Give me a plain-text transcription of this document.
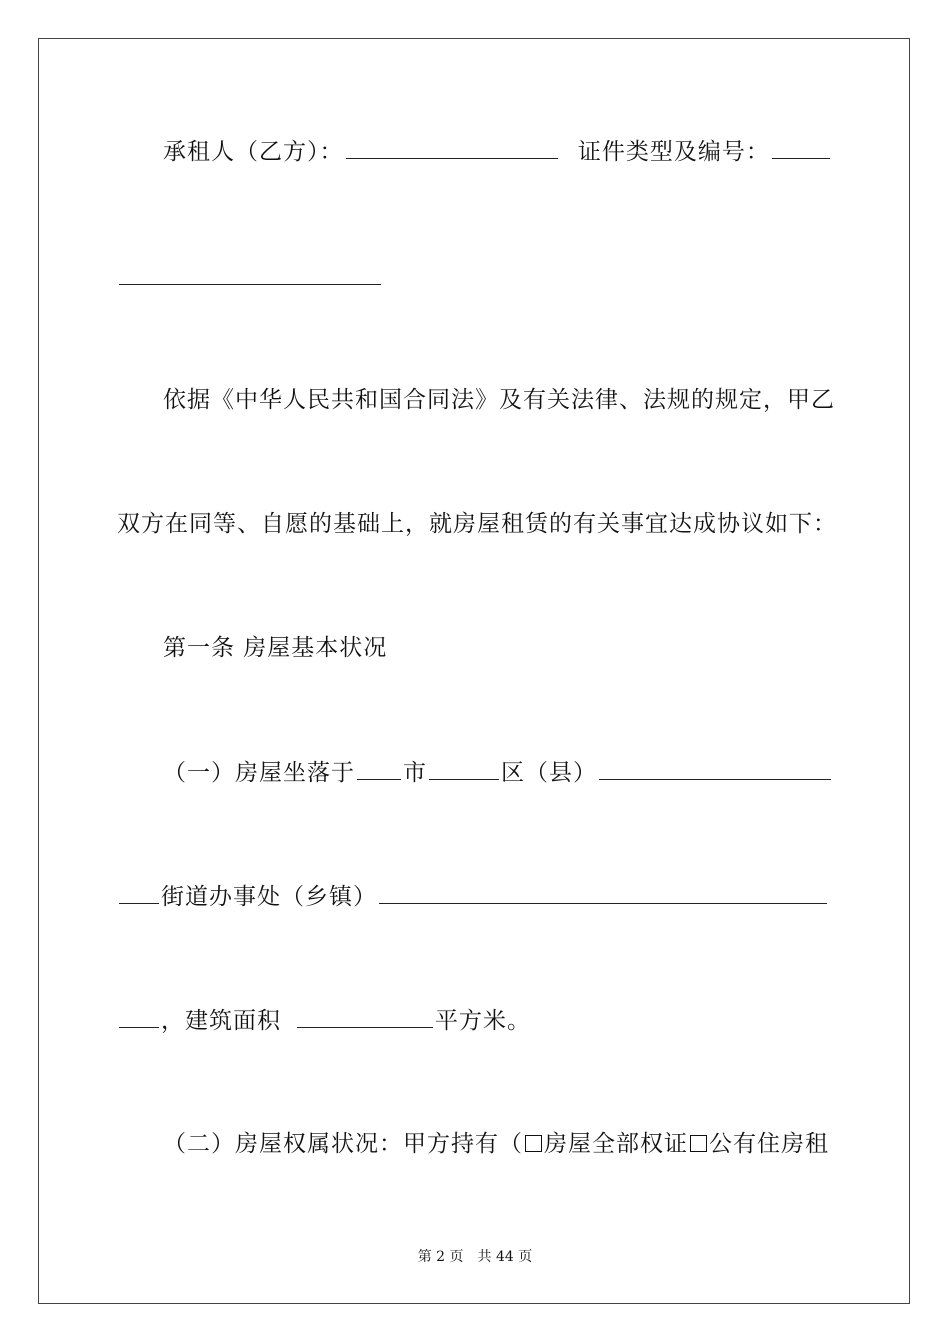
承租人（乙方）：	证件类型及编号：
依据《中华人民共和国合同法》及有关法律、法规的规定，甲乙
双方在同等、自愿的基础上，就房屋租赁的有关事宜达成协议如下：
第一条 房屋基本状况
（一）房屋坐落于 市	区（县）
街道办事处（乡镇）
，建筑面积	平方米。
（二）房屋权属状况：甲方持有（ 房屋全部权证 公有住房租
第 2 页　共 44 页
